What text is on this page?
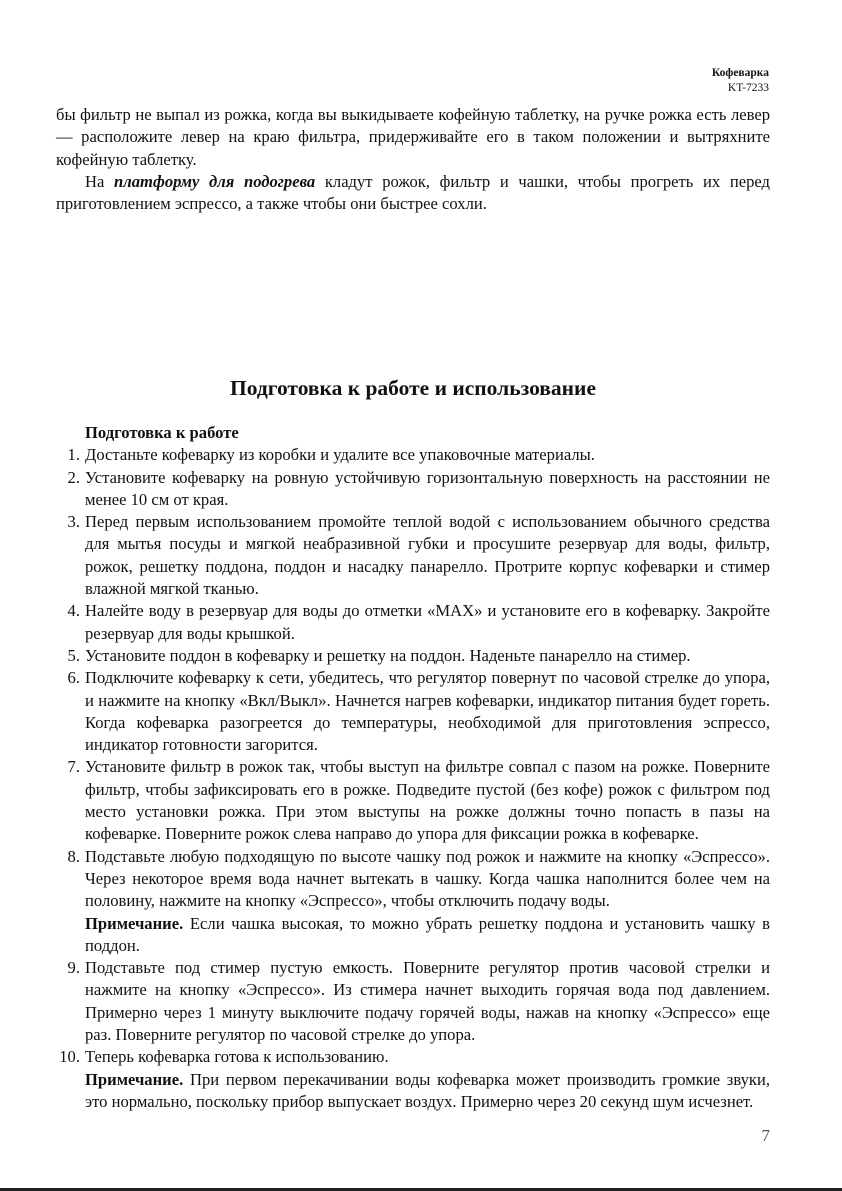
Кофеварка
KT-7233

бы фильтр не выпал из рожка, когда вы выкидываете кофейную таблетку, на ручке рожка есть левер — расположите левер на краю фильтра, придерживайте его в таком положении и вытряхните кофейную таблетку.

На платформу для подогрева кладут рожок, фильтр и чашки, чтобы прогреть их перед приготовлением эспрессо, а также чтобы они быстрее сохли.

Подготовка к работе и использование
Подготовка к работе
1. Достаньте кофеварку из коробки и удалите все упаковочные материалы.
2. Установите кофеварку на ровную устойчивую горизонтальную поверхность на расстоянии не менее 10 см от края.
3. Перед первым использованием промойте теплой водой с использованием обычного средства для мытья посуды и мягкой неабразивной губки и просушите резервуар для воды, фильтр, рожок, решетку поддона, поддон и насадку панарелло. Протрите корпус кофеварки и стимер влажной мягкой тканью.
4. Налейте воду в резервуар для воды до отметки «MAX» и установите его в кофеварку. Закройте резервуар для воды крышкой.
5. Установите поддон в кофеварку и решетку на поддон. Наденьте панарелло на стимер.
6. Подключите кофеварку к сети, убедитесь, что регулятор повернут по часовой стрелке до упора, и нажмите на кнопку «Вкл/Выкл». Начнется нагрев кофеварки, индикатор питания будет гореть. Когда кофеварка разогреется до температуры, необходимой для приготовления эспрессо, индикатор готовности загорится.
7. Установите фильтр в рожок так, чтобы выступ на фильтре совпал с пазом на рожке. Поверните фильтр, чтобы зафиксировать его в рожке. Подведите пустой (без кофе) рожок с фильтром под место установки рожка. При этом выступы на рожке должны точно попасть в пазы на кофеварке. Поверните рожок слева направо до упора для фиксации рожка в кофеварке.
8. Подставьте любую подходящую по высоте чашку под рожок и нажмите на кнопку «Эспрессо». Через некоторое время вода начнет вытекать в чашку. Когда чашка наполнится более чем на половину, нажмите на кнопку «Эспрессо», чтобы отключить подачу воды.
Примечание. Если чашка высокая, то можно убрать решетку поддона и установить чашку в поддон.
9. Подставьте под стимер пустую емкость. Поверните регулятор против часовой стрелки и нажмите на кнопку «Эспрессо». Из стимера начнет выходить горячая вода под давлением. Примерно через 1 минуту выключите подачу горячей воды, нажав на кнопку «Эспрессо» еще раз. Поверните регулятор по часовой стрелке до упора.
10. Теперь кофеварка готова к использованию.
Примечание. При первом перекачивании воды кофеварка может производить громкие звуки, это нормально, поскольку прибор выпускает воздух. Примерно через 20 секунд шум исчезнет.
7
